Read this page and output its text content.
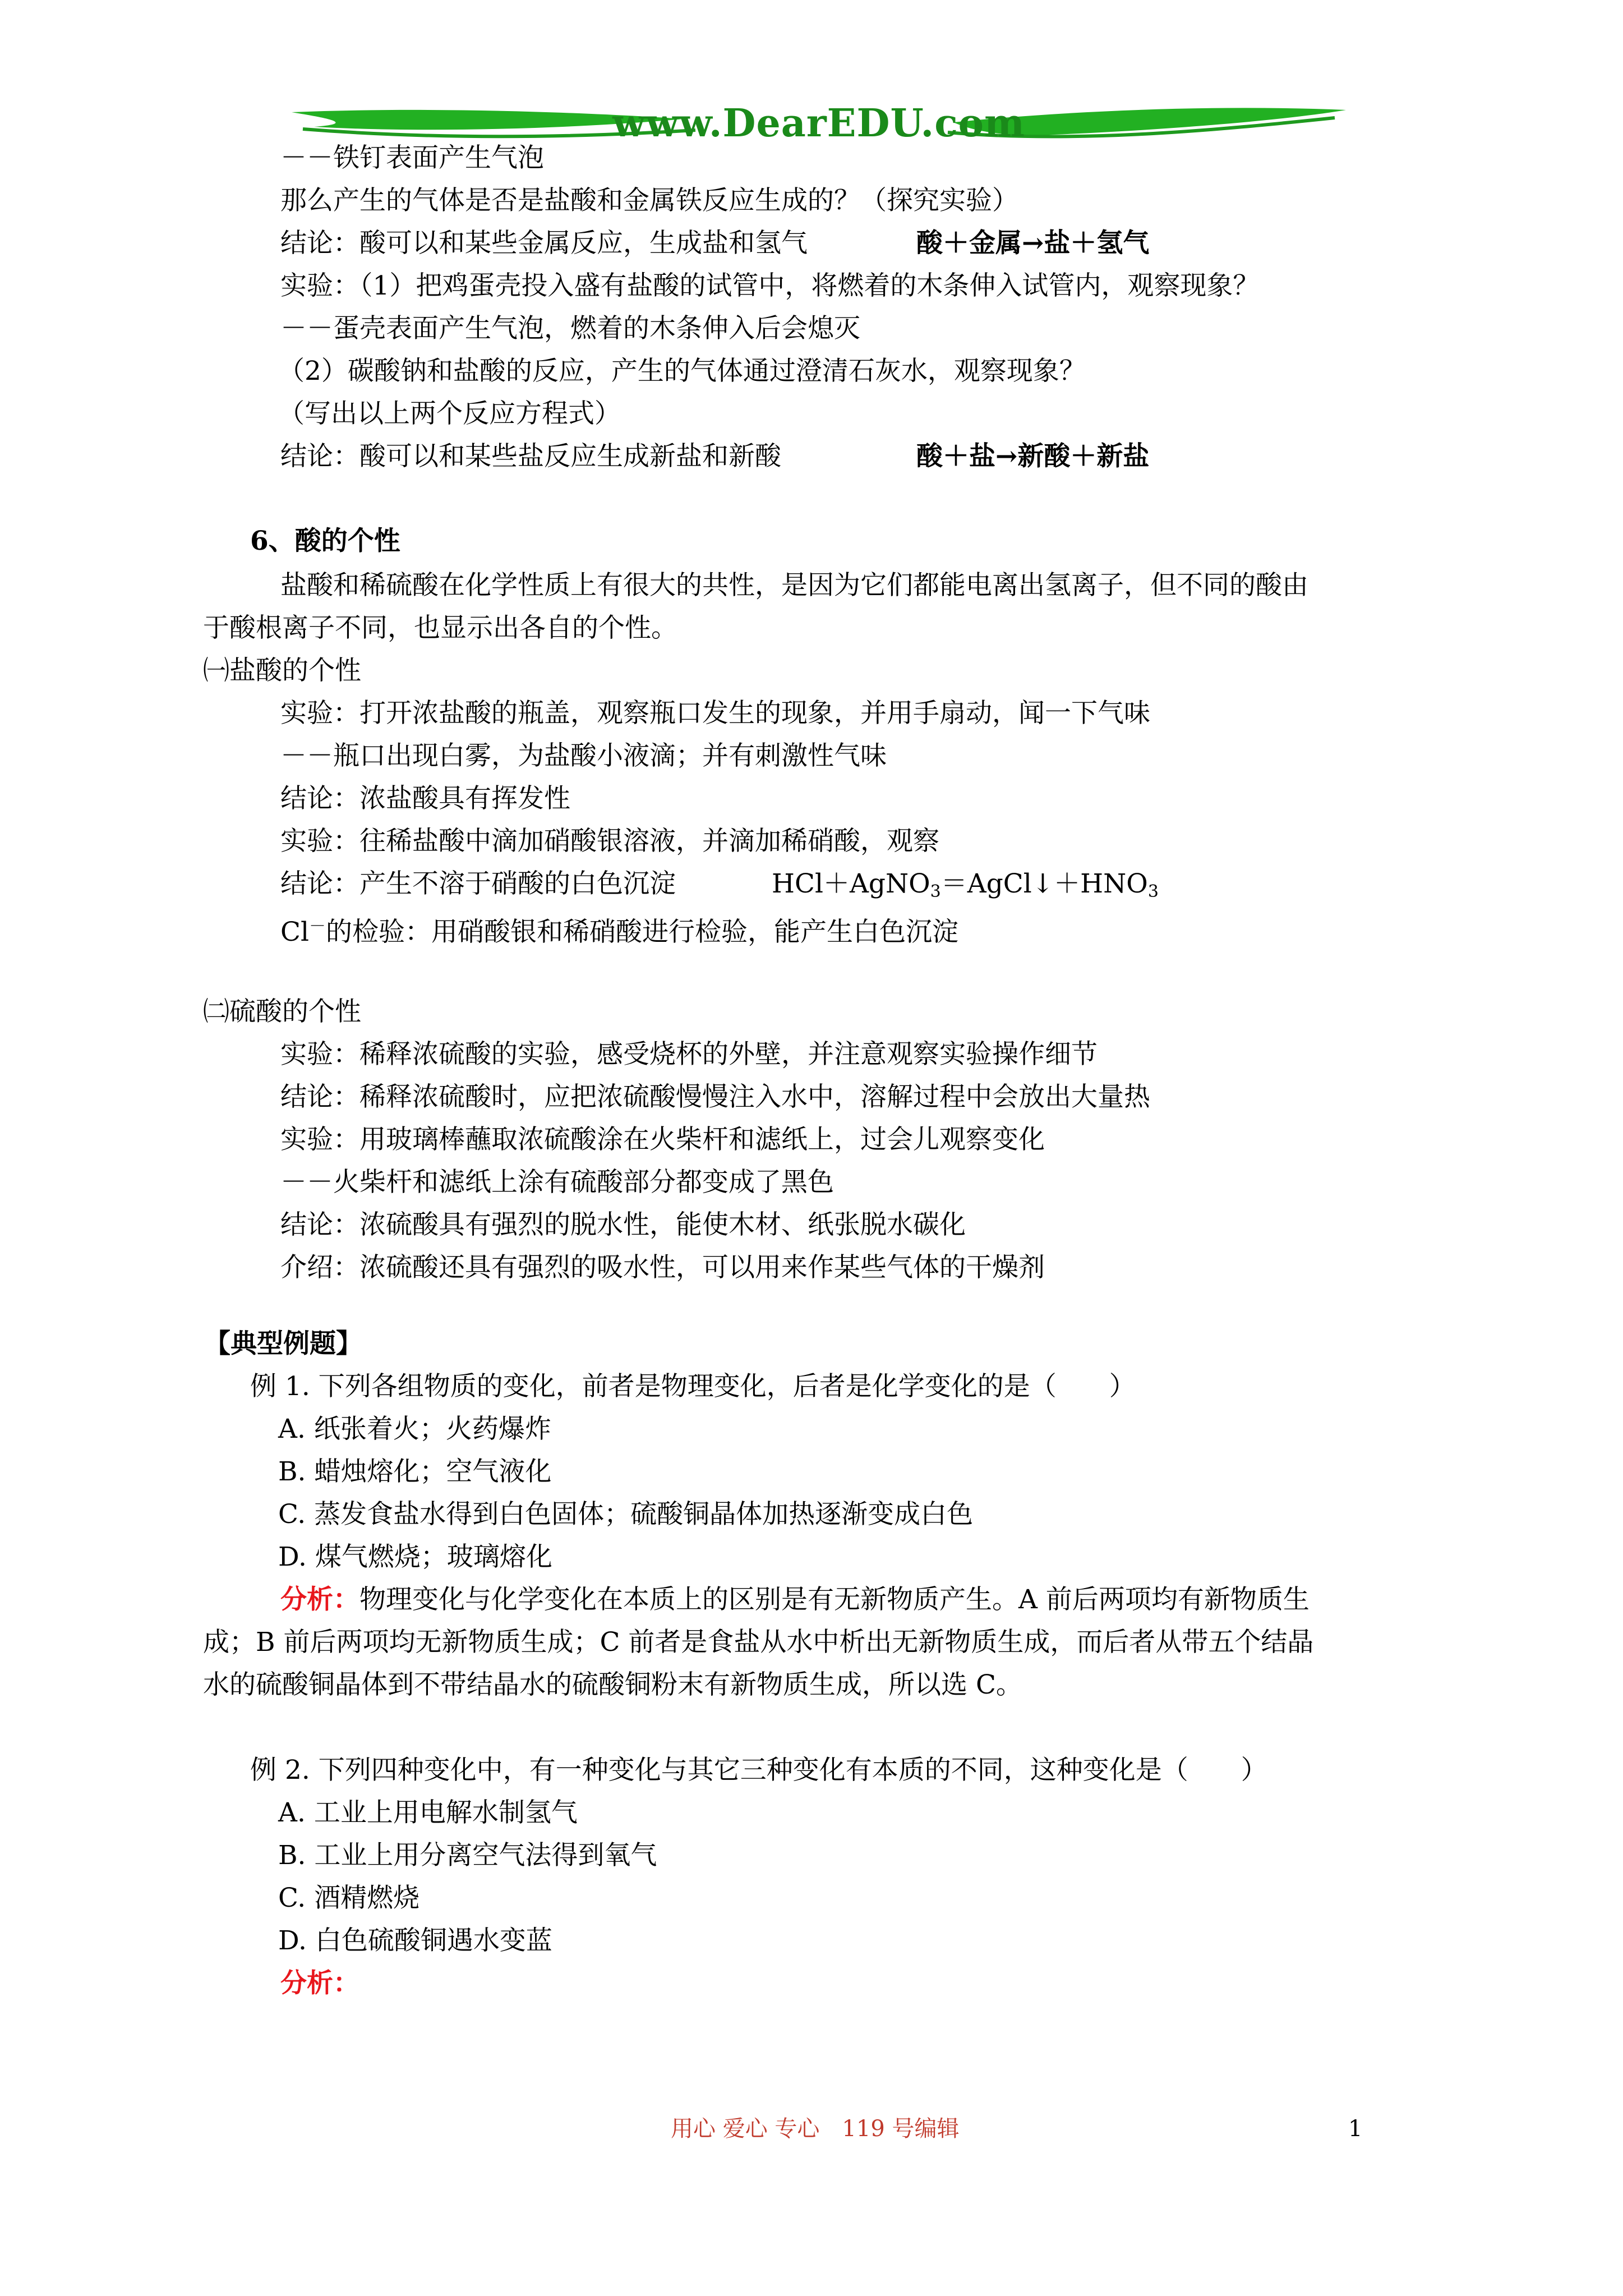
www.DearEDU.com
－－铁钉表面产生气泡
那么产生的气体是否是盐酸和金属铁反应生成的？（探究实验）
结论：酸可以和某些金属反应，生成盐和氢气	酸＋金属→盐＋氢气
实验：（1）把鸡蛋壳投入盛有盐酸的试管中，将燃着的木条伸入试管内，观察现象？
－－蛋壳表面产生气泡，燃着的木条伸入后会熄灭
（2）碳酸钠和盐酸的反应，产生的气体通过澄清石灰水，观察现象？
（写出以上两个反应方程式）
结论：酸可以和某些盐反应生成新盐和新酸	酸＋盐→新酸＋新盐
6、酸的个性
盐酸和稀硫酸在化学性质上有很大的共性，是因为它们都能电离出氢离子，但不同的酸由
于酸根离子不同，也显示出各自的个性。
㈠盐酸的个性
实验：打开浓盐酸的瓶盖，观察瓶口发生的现象，并用手扇动，闻一下气味
－－瓶口出现白雾，为盐酸小液滴；并有刺激性气味
结论：浓盐酸具有挥发性
实验：往稀盐酸中滴加硝酸银溶液，并滴加稀硝酸，观察
结论：产生不溶于硝酸的白色沉淀	$HCl+AgNO_3=AgCl↓+HNO_3$
Cl－的检验：用硝酸银和稀硝酸进行检验，能产生白色沉淀
㈡硫酸的个性
实验：稀释浓硫酸的实验，感受烧杯的外壁，并注意观察实验操作细节
结论：稀释浓硫酸时，应把浓硫酸慢慢注入水中，溶解过程中会放出大量热
实验：用玻璃棒蘸取浓硫酸涂在火柴杆和滤纸上，过会儿观察变化
－－火柴杆和滤纸上涂有硫酸部分都变成了黑色
结论：浓硫酸具有强烈的脱水性，能使木材、纸张脱水碳化
介绍：浓硫酸还具有强烈的吸水性，可以用来作某些气体的干燥剂
【典型例题】
例 1. 下列各组物质的变化，前者是物理变化，后者是化学变化的是（　　）
A. 纸张着火；火药爆炸
B. 蜡烛熔化；空气液化
C. 蒸发食盐水得到白色固体；硫酸铜晶体加热逐渐变成白色
D. 煤气燃烧；玻璃熔化
分析：物理变化与化学变化在本质上的区别是有无新物质产生。A 前后两项均有新物质生
成；B 前后两项均无新物质生成；C 前者是食盐从水中析出无新物质生成，而后者从带五个结晶
水的硫酸铜晶体到不带结晶水的硫酸铜粉末有新物质生成，所以选 C。
例 2. 下列四种变化中，有一种变化与其它三种变化有本质的不同，这种变化是（　　）
A. 工业上用电解水制氢气
B. 工业上用分离空气法得到氧气
C. 酒精燃烧
D. 白色硫酸铜遇水变蓝
分析：
用心 爱心 专心　119 号编辑	1
